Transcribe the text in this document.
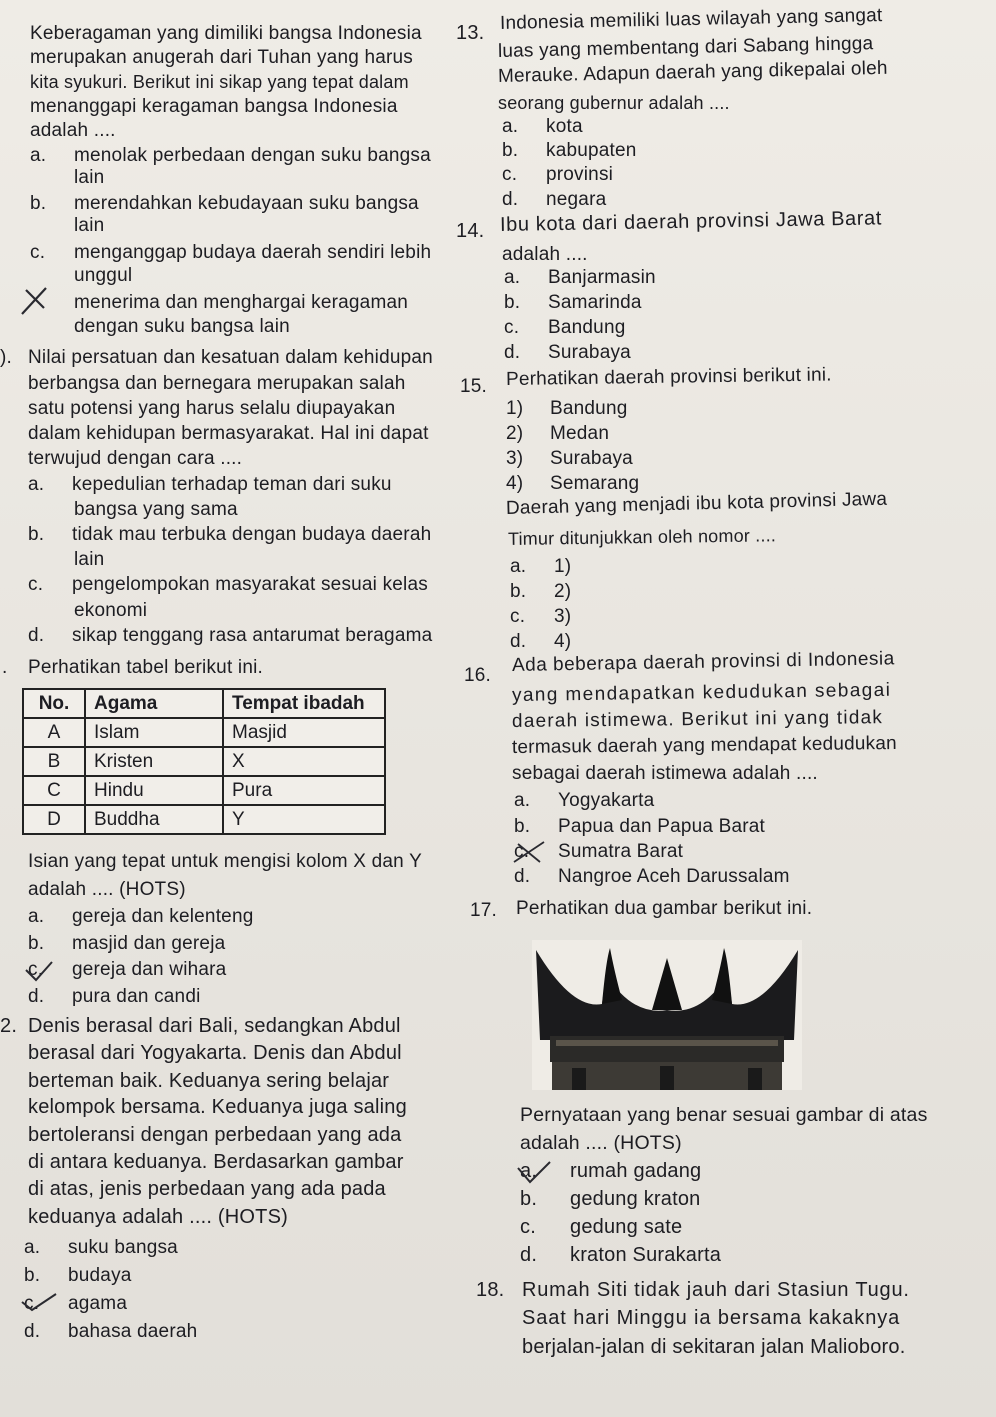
Keberagaman yang dimiliki bangsa Indonesia
merupakan anugerah dari Tuhan yang harus
kita syukuri. Berikut ini sikap yang tepat dalam
menanggapi keragaman bangsa Indonesia
adalah ....
a. menolak perbedaan dengan suku bangsa
lain
b. merendahkan kebudayaan suku bangsa
lain
c. menganggap budaya daerah sendiri lebih
unggul
menerima dan menghargai keragaman
dengan suku bangsa lain
). Nilai persatuan dan kesatuan dalam kehidupan
berbangsa dan bernegara merupakan salah
satu potensi yang harus selalu diupayakan
dalam kehidupan bermasyarakat. Hal ini dapat
terwujud dengan cara ....
a. kepedulian terhadap teman dari suku
bangsa yang sama
b. tidak mau terbuka dengan budaya daerah
lain
c. pengelompokan masyarakat sesuai kelas
ekonomi
d. sikap tenggang rasa antarumat beragama
. Perhatikan tabel berikut ini.
No.	Agama	Tempat ibadah
A	Islam	Masjid
B	Kristen	X
C	Hindu	Pura
D	Buddha	Y
Isian yang tepat untuk mengisi kolom X dan Y
adalah .... (HOTS)
a. gereja dan kelenteng
b. masjid dan gereja
c. gereja dan wihara
d. pura dan candi
2. Denis berasal dari Bali, sedangkan Abdul
berasal dari Yogyakarta. Denis dan Abdul
berteman baik. Keduanya sering belajar
kelompok bersama. Keduanya juga saling
bertoleransi dengan perbedaan yang ada
di antara keduanya. Berdasarkan gambar
di atas, jenis perbedaan yang ada pada
keduanya adalah .... (HOTS)
a. suku bangsa
b. budaya
c. agama
d. bahasa daerah
13. Indonesia memiliki luas wilayah yang sangat
luas yang membentang dari Sabang hingga
Merauke. Adapun daerah yang dikepalai oleh
seorang gubernur adalah ....
a. kota
b. kabupaten
c. provinsi
d. negara
14. Ibu kota dari daerah provinsi Jawa Barat
adalah ....
a. Banjarmasin
b. Samarinda
c. Bandung
d. Surabaya
15. Perhatikan daerah provinsi berikut ini.
1) Bandung
2) Medan
3) Surabaya
4) Semarang
Daerah yang menjadi ibu kota provinsi Jawa
Timur ditunjukkan oleh nomor ....
a. 1)
b. 2)
c. 3)
d. 4)
16. Ada beberapa daerah provinsi di Indonesia
yang mendapatkan kedudukan sebagai
daerah istimewa. Berikut ini yang tidak
termasuk daerah yang mendapat kedudukan
sebagai daerah istimewa adalah ....
a. Yogyakarta
b. Papua dan Papua Barat
c. Sumatra Barat
d. Nangroe Aceh Darussalam
17. Perhatikan dua gambar berikut ini.
Pernyataan yang benar sesuai gambar di atas
adalah .... (HOTS)
a. rumah gadang
b. gedung kraton
c. gedung sate
d. kraton Surakarta
18. Rumah Siti tidak jauh dari Stasiun Tugu.
Saat hari Minggu ia bersama kakaknya
berjalan-jalan di sekitaran jalan Malioboro.
